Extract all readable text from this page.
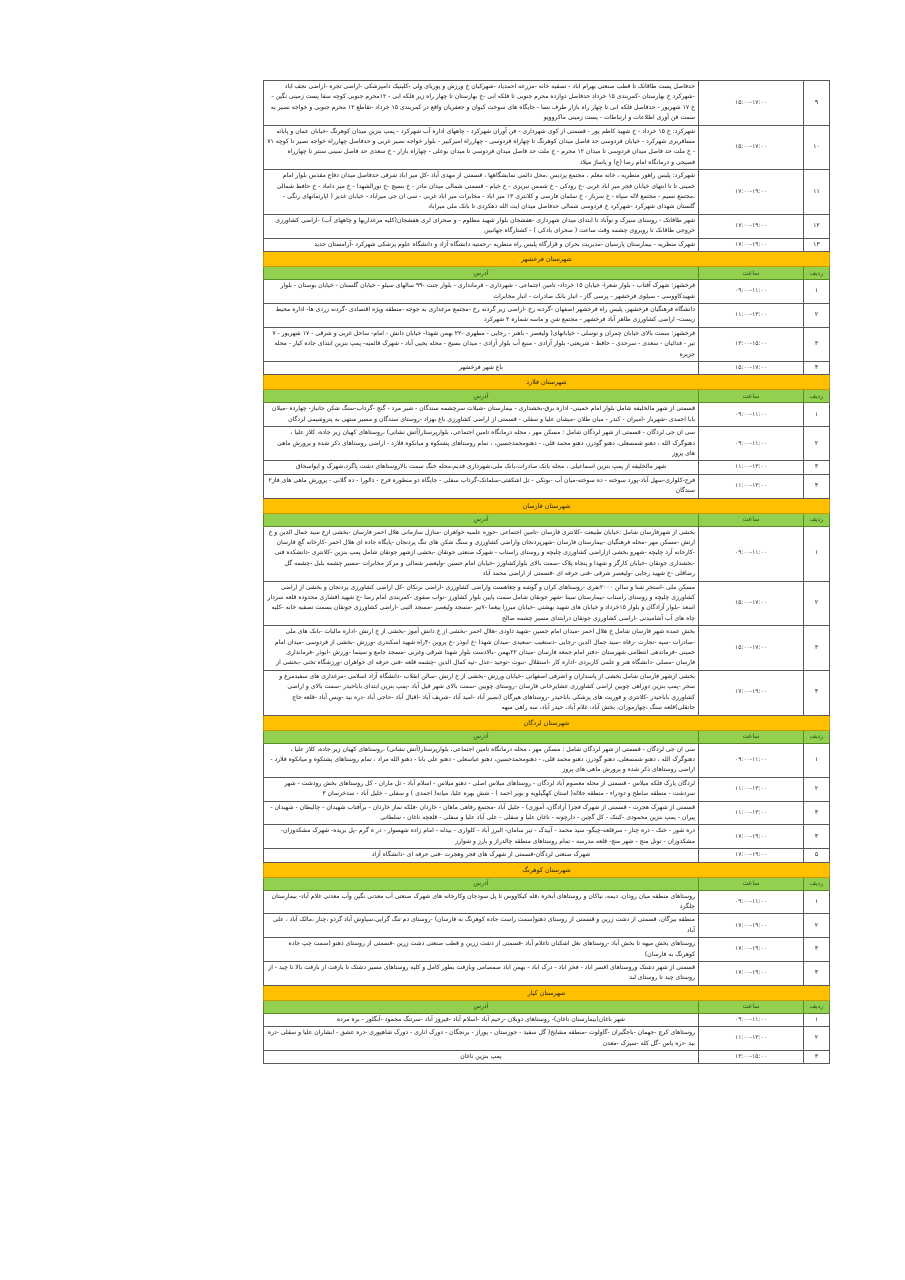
۹	۱۵:۰۰-۱۷:۰۰	حدفاصل پست طاقانک تا قطب صنعتی بهرام اباد - تصفیه خانه -مزرعه احمدیاد -شهرکیان خ ورزش و پوریای ولی -کلینیک دامپزشکی -اراضی تجره -اراضی نجف اباد -شهرکرد خ بهارستان -کمربندی ۱۵ خرداد حدفاصل دوازده محرم جنوبی تا فلکه ابی -خ بهارستان تا چهار راه زیر فلکه ابی - ۱۲محرم جنوبی کوچه سفا پست زمینی نگین - خ ۱۷ شهریور - حدفاصل فلکه ابی تا چهار راه بازار طرف نسا - جایگاه های سوخت کیوان و جعفریان واقع در کمربندی ۱۵ خرداد -تقاطع ۱۲ محرم جنوبی و خواجه نصیر به سمت فن آوری اطلاعات و ارتباطات - پست زمینی ماکروویو
۱۰	۱۵:۰۰-۱۷:۰۰	شهرکرد: خ ۱۵ خرداد - خ شهید کاظم پور - قسمتی از کوی شهرداری - فن آوران شهرکرد - چاههای اداره آب شهرکرد - پمپ بنزین میدان کوهرنگ -خیابان عمان و پایانه مسافربری شهرکرد - خیابان فردوسی حد فاصل میدان کوهرنگ تا چهاراه فردوسی - چهارراه امیرکبیر - بلوار خواجه نصیر غربی و حدفاصل چهارراه خواجه نصیر تا کوچه ۷۱ - خ ملت حد فاصل میدان فردوسی تا میدان ۱۲ محرم - خ ملت حد فاصل میدان فردوسی تا میدان بوعلی - چهاراه بازار - خ سعدی حد فاصل سینی سنتر تا چهارراه فصیحی و درمانگاه امام رضا (ع) و پاساژ میلاد
۱۱	۱۷:۰۰-۱۹:۰۰	شهرکرد: پلیس راهور منظریه ، خانه معلم ، مجتمع پردیس ،محل دائمی نمایشگاهها ، قسمتی از مهدی آباد -کل میر اباد شرقی حدفاصل میدان دفاع مقدس بلوار امام خمینی تا تا انتهای خیابان فجر میر اباد غربی -خ رودکی - خ شمس تبریزی - خ خیام - قسمتی شمالی میدان مادر - خ بسیج -خ نورالشهدا - خ میر داماد - خ حافظ شمالی ،مجتمع نسیم - مجتمع لاله سپاه - خ سرباز - خ سلمان فارسی و کلانتری ۱۳ میر اباد - مخابرات میر اباد غربی - سی ان جی میراباد - خیابان غدیر ( اپارتمانهای رنگی - گلستان شهدای شهرکرد -شهرکرد خ فردوسی شمالی حدفاصل میدان ایت الله دهکردی تا بانک ملی میراباد
۱۲	۱۷:۰۰-۱۹:۰۰	شهر طاقانک - روستای سیرک و نوآباد تا ابتدای میدان شهرداری -هفشجان بلوار شهید مظلوم - و صحرای لری هفشجان(کلیه مرغداریها و چاههای آب) -اراضی کشاورزی خروجی طاقانک تا روبروی چشمه وقت ساعت ( صحرای بادکی ) - کشتارگاه جهانبین
۱۳	۱۷:۰۰-۱۹:۰۰	شهرک منظریه - بیمارستان پارسیان -مدیریت بحران و قرارگاه پلیس راه منظریه -رحمتیه دانشگاه آزاد و دانشگاه علوم پزشکی شهرکرد -آرامستان جدید
شهرستان فرخشهر		
ردیف	ساعت	آدرس
۱	۰۹:۰۰-۱۱:۰۰	فرخشهر: شهرک آفتاب - بلوار شعرا- خیابان ۱۵ خرداد- تامین اجتماعی - شهرداری - فرمانداری - بلوار جنت -۹۹ سالهای سیلو - خیابان گلستان - خیابان بوستان - بلوار شهیدکاووسی - سیلوی فرخشهر - پرسی گاز - انبار بانک صادرات - انبار مخابرات
۲	۱۱:۰۰-۱۳:۰۰	دانشگاه فرهنگیان فرخشهر، پلیس راه فرخشهر اصفهان -گردنه رخ -اراضی زیر گردنه رخ -مجتمع مرغداری به جوجه -منطقه ویژه اقتصادی -گردنه زردی ها- اداره محیط زیست- اراضی کشاورزی طاهر آباد فرخشهر - مجتمع شن و ماسه شماره ۲ شهرکرد
۳	۱۳:۰۰-۱۵:۰۰	فرخشهر: سمت بالای خیابان چمران و توسلی - خیابانهای( ولیعصر - باهنر - رجایی - مطهری -۲۲ بهمن شهدا- خیابان دانش - امام- ساحل غربی و شرقی - ۱۷ شهریور - ۷ تیر - فدائیان - سعدی - سرحدی - حافظ - شریعتی- بلوار آزادی - منبع آب بلوار آزادی - میدان بسیج - محله یحیی آباد - شهرک قائمیه- پمپ بنزین ابتدای جاده کیار - محله جزیره
۴	۱۵:۰۰-۱۷:۰۰	باغ شهر فرخشهر
شهرستان فلارد		
ردیف	ساعت	آدرس
۱	۰۹:۰۰-۱۱:۰۰	قسمتی از شهر مالخلیفه شامل بلوار امام خمینی- اداره برق-بخشداری - بیمارستان -شیلات سرچشمه سندگان - شیر مرد - گنج -گرداب-سنگ شکن جانباز- چهارده -میلان بابا احمدی -شهریار -امیران - کندر - میان طلان -میشان علیا و سفلی - قسمتی از اراضی کشاورزی باغ بهزاد -روستای سندگان و مسیر منتهی به پتروشیمی لردگان
۲	۰۹:۰۰-۱۱:۰۰	سی ان جی لردگان - قسمتی از شهر لردگان شامل : مسکن مهر ، محله درمانگاه تامین اجتماعی، بلوارپرستار(آتش نشانی) ،روستاهای کهیان زیر جاده، کلاز علیا ، دهنوگرک الله ، دهنو شمسعلی، دهنو گودرز، دهنو محمد قلی، - دهنومحمدحسین، ، تمام روستاهای پشتکوه و میانکوه فلارد - اراضی روستاهای ذکر شده و پرورش ماهی های پروز
۳	۱۱:۰۰-۱۳:۰۰	شهر مالخلیفه از پمپ بنزین اسماعیلی ، محله بانک صادرات،بانک ملی،شهرداری قدیم،محله خنگ سمت بالاروستاهای دشت پاگرد،شهرک و ابواسحاق
۴	۱۱:۰۰-۱۳:۰۰	فرح-کلواری-سهل آباد-پورد سوخته - ده سوخته-میان آب -بونکی - تل اشکفتی-سلمانک-گرداب سفلی - جایگاه دو منظوره فرح - دالورا - ده گلابی - پرورش ماهی های فاز۲ سندگان
شهرستان فارسان		
ردیف	ساعت	آدرس
۱	۰۹:۰۰-۱۱:۰۰	بخشی از شهرفارسان شامل :خیابان طبیعت -کلانتری فارسان -تامین اجتماعی -حوزه علمیه خواهران -منازل سازمانی هلال احمر فارسان -بخشی ازخ سید جمال الدین و خ ارتش -مسکن مهر -محله فرهنگیان -بیمارستان فارسان -شهرپردنجان واراضی کشاورزی و سنگ شکن های تنگ پردنجان -پایگاه جاده ای هلال احمر -کارخانه گچ فارسان -کارخانه آرد چلیچه -شهرو بخشی ازاراضی کشاورزی چلیچه و روستای راستاب - شهرک صنعتی جونقان -بخشی ازشهر جونقان شامل پمپ بنزین -کلانتری -دانشکده فنی -بخشداری جونقان -خیابان کارگر و شهدا و پنجاه پلاک -سمت بالای بلوارکشاورز -خیابان امام حسین -ولیعصر شمالی و مرکز مخابرات -مسیر چشمه بلبل -چشمه گل رضاقلی -خ شهید رجایی -ولیعصر شرقی -فنی حرفه ای -قسمتی از اراضی محمد آباد
۲	۱۵:۰۰-۱۷:۰۰	مسکن ملی -استخر شنا و سالن ۲۰۰۰نفری -روستاهای کران و گوشه و چغاهست واراضی کشاورزی -اراضی برنکان -کل اراضی کشاورزی پردنجان و بخشی از اراضی کشاورزی چلیچه و روستای راستاب -بیمارستان سینا -شهر جونقان شامل سمت پایین بلوار کشاورز -نواب صفوی -کمربندی امام رضا -خ شهید افشاری محدوده قلعه سردار اسعد -بلوار آزادگان و بلوار ۱۵خرداد و خیابان های شهید بهشتی -خیابان میرزا بیغما -۷تیر -مسجد ولیعصر -مسجد النبی -اراضی کشاورزی جونقان بسمت تصفیه خانه -کلیه چاه های آب آشامیدنی -اراضی کشاورزی جونقان درابتدای مسیر چشمه صالح
۳	۱۵:۰۰-۱۷:۰۰	بخش عمده شهر فارسان شامل خ هلال احمر -میدان امام حسین -شهید داودی -هلال احمر -بخشی از خ دانش آموز -بخشی از خ ارتش -اداره مالیات -بانک های ملی -صادرات -سپه -تجارت -رفاه -سید جمال الدین -رجایی -دستغیب -سعیدی -میدان شهدا -خ ابوذر -خ پروین -۴راه شهید اسکندری -ورزش -بخشی از فردوسی -میدان امام خمینی -فرماندهی انتظامی شهرستان -دفتر امام جمعه فارسان -میدان ۲۲بهمن -بالادست بلوار شهدا شرقی وغربی -مسجد جامع و سینما -ورزش -ابوذر -فرمانداری فارسان -مصلی -دانشگاه هنر و علمی کاربردی -اداره کار -استقلال -نبوت -توحید -عدل -تپه کمال الدین -چشمه قلعه -فنی حرفه ای خواهران -ورزشگاه تختی -بخشی از
۴	۱۷:۰۰-۱۹:۰۰	بخشی ازشهر فارسان شامل بخشی از پاسداران و اشرفی اصفهانی -خیابان ورزش -بخشی از خ ارتش -سالن انقلاب -دانشگاه آزاد اسلامی -مرغداری های سفیدمرغ و سحر -پمپ بنزین دوراهی چوبین اراضی کشاورزی عشایرخانی فارسان -روستای چوبین -سمت بالای شهر قیل آباد -پمپ بنزین ابتدای باباحیدر -سمت بالای و اراضی کشاورزی باباحیدر -کلانتری و فوریت های پزشکی باباحیدر -روستاهای هیرگان (نصیر آباد -امید آباد -شریف آباد -اقبال آباد -حاجی آباد -دره بید -ویس آباد -قلعه حاج جانقلی)قلعه سنگ ،چهارموران، بخش آباد، غلام آباد، حیدر آباد، سه راهی میهه
شهرستان لردگان		
ردیف	ساعت	آدرس
۱	۰۹:۰۰-۱۱:۰۰	سی ان جی لردگان - قسمتی از شهر لردگان شامل : مسکن مهر ، محله درمانگاه تامین اجتماعی، بلوارپرستار(آتش نشانی) ،روستاهای کهیان زیر جاده، کلاز علیا ، دهنوگرک الله ، دهنو شمسعلی، دهنو گودرز، دهنو محمد قلی، - دهنومحمدحسین، دهنو عباسعلی - دهنو علی بابا - دهنو الله مراد ، تمام روستاهای پشتکوه و میانکوه فلارد - اراضی روستاهای ذکر شده و پرورش ماهی های پروز
۲	۱۱:۰۰-۱۳:۰۰	لردگان پارک فلکه میلاس - قسمتی از محله معصوم آباد لردگان - روستاهای میلاس اصلی - دهنو میلاس - اسلام آباد - تل ماران - کل روستاهای بخش رودشت - شهر سردشت - منطقه ساطح و دودراء - منطقه جلاله( استان کهگیلویه و بویر احمد ) - شش بهره علیا، میانه( احمدی ) و سفلی - خلیل آباد - سدخرسان ۳
۳	۱۱:۰۰-۱۳:۰۰	قسمتی از شهرک هجرت - قسمتی از شهرک فجر( آزادگان، آموزی) - جلیل آباد -مجتمع رفاهی ماهان - خاردان -فلکه نماز خاردان - برآفتاب شهیدان - چالیطان - شهیدان - پیران - پمپ بنزین محمودی -کینک - کل گچین - دارچونه - ناغان علیا و سفلی - علی آباد علیا و سفلی - قلعچه ناغان - سلطانی
۴	۱۷:۰۰-۱۹:۰۰	دره شور - خنک - دره چنار - سرقلعه-چیگو- سید محمد - آبیدک - تیر سامان- البرز آباد - کلواری - بیدله - امام زاده شهسوار - در ه گرم -پل بریده- شهرک مشکدوزان- مشکدوزان - تونل منج - شهر منج- قلعه مدرسه - تمام روستاهای منطقه چالدراز و بارز و شوارز
۵	۱۷:۰۰-۱۹:۰۰	شهرک صنعتی لردگان-قسمتی از شهرک های فجر وهجرت -فنی حرفه ای -دانشگاه آزاد
شهرستان کوهرنگ		
ردیف	ساعت	آدرس
۱	۰۹:۰۰-۱۱:۰۰	روستاهای منطقه میان رودان، دیمه، نیاکان و روستاهای آبخره ،قله کیکاووس تا پل سودجان وکارخانه های شهرک صنعتی آب معدنی نگین وآب معدنی غلام آباد- بیمارستان چلگرد
۲	۱۷:۰۰-۱۹:۰۰	منطقه بیرگان، قسمتی از دشت زرین و قسمتی از روستای دهنو(سمت راست جاده کوهرنگ به فارسان) -روستای دم تنگ گرایی،سیاوش آباد گردو ،چنار ،مالک آباد ، علی آباد
۳	۱۷:۰۰-۱۹:۰۰	روستاهای بخش میهه تا بخش آباد -روستاهای نعل اشکنان تاغلام آباد -قسمتی از دشت زرین و قطب صنعتی دشت زرین -قسمتی از روستای دهنو (سمت چپ جاده کوهرنگ به فارسان)
۴	۱۷:۰۰-۱۹:۰۰	قسمتی از شهر دشتک وروستاهای افسر اباد - فخر اباد - درک اباد - بهمن اباد صمصامی وبازفت بطور کامل و کلیه روستاهای مسیر دشتک تا بازفت از بازفت بالا تا چید - از روستای چید تا روستای لبد
شهرستان کیار		
ردیف	ساعت	آدرس
۱	۰۹:۰۰-۱۱:۰۰	شهر ناغان(بیمارستان ناغان)- روستاهای دوبلان -رحیم آباد -اسلام آباد -فیروز آباد -سرتنگ محمود -آبگلور - بره مرده
۲	۱۱:۰۰-۱۳:۰۰	روستاهای کرچ -جهمان -باجگیران -گاولوت -منطقه مشایخ( گل سفید - جوزستان - پوراز - برنجگان - دورک اناری - دورک شاهپوری -دره عشق - ابشاران علیا و سفلی -دره بید -دره یاس -گل کله -سیرک -معدن
۳	۱۳:۰۰-۱۵:۰۰	پمپ بنزین ناغان
